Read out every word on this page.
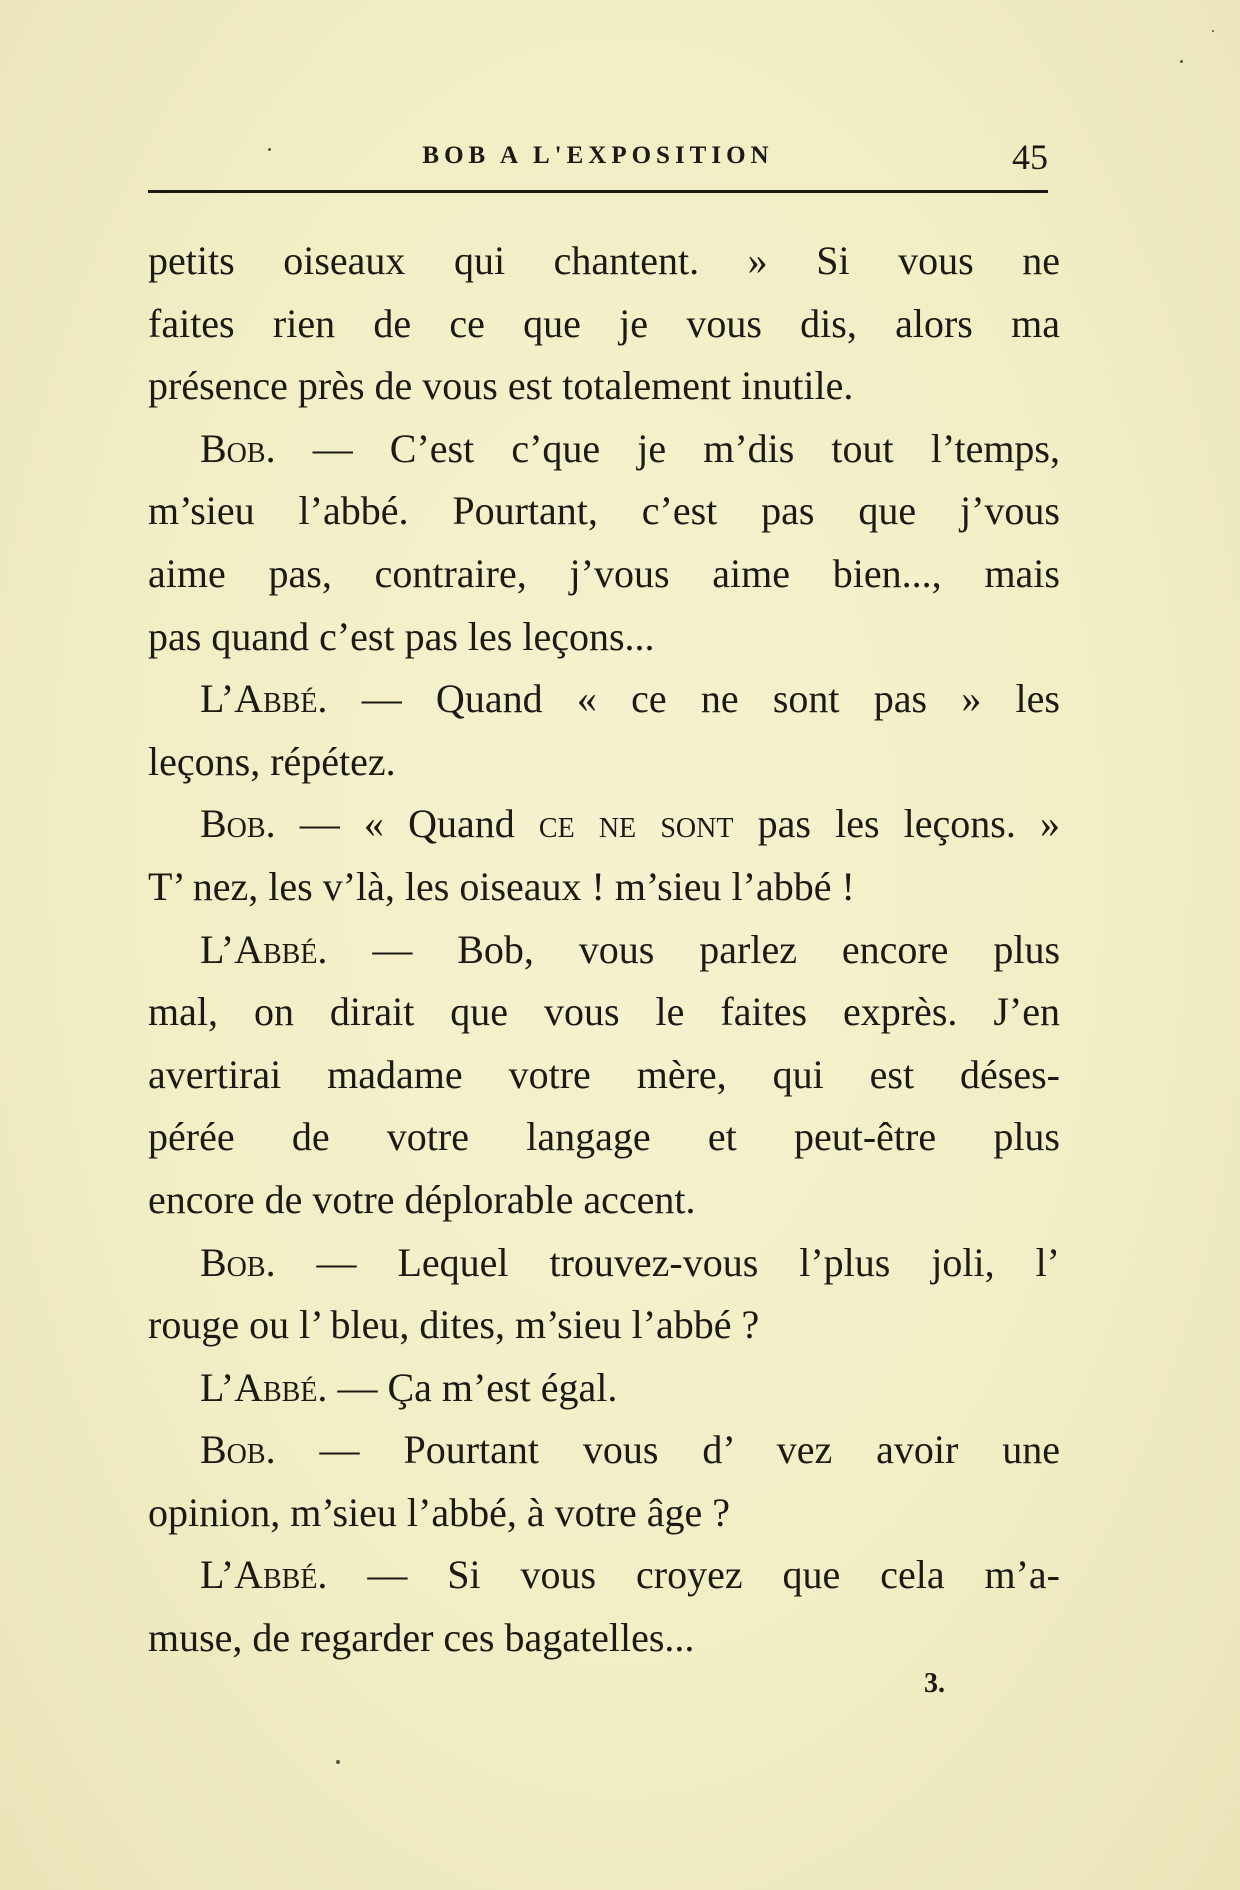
BOB A L'EXPOSITION	45
petits oiseaux qui chantent. » Si vous ne
faites rien de ce que je vous dis, alors ma
présence près de vous est totalement inutile.
Bob. — C’est c’que je m’dis tout l’temps,
m’sieu l’abbé. Pourtant, c’est pas que j’vous
aime pas, contraire, j’vous aime bien..., mais
pas quand c’est pas les leçons...
L’Abbé. — Quand « ce ne sont pas » les
leçons, répétez.
Bob. — « Quand ce ne sont pas les leçons. »
T’ nez, les v’là, les oiseaux ! m’sieu l’abbé !
L’Abbé. — Bob, vous parlez encore plus
mal, on dirait que vous le faites exprès. J’en
avertirai madame votre mère, qui est déses-
pérée de votre langage et peut-être plus
encore de votre déplorable accent.
Bob. — Lequel trouvez-vous l’plus joli, l’
rouge ou l’ bleu, dites, m’sieu l’abbé ?
L’Abbé. — Ça m’est égal.
Bob. — Pourtant vous d’ vez avoir une
opinion, m’sieu l’abbé, à votre âge ?
L’Abbé. — Si vous croyez que cela m’a-
muse, de regarder ces bagatelles...
3.
